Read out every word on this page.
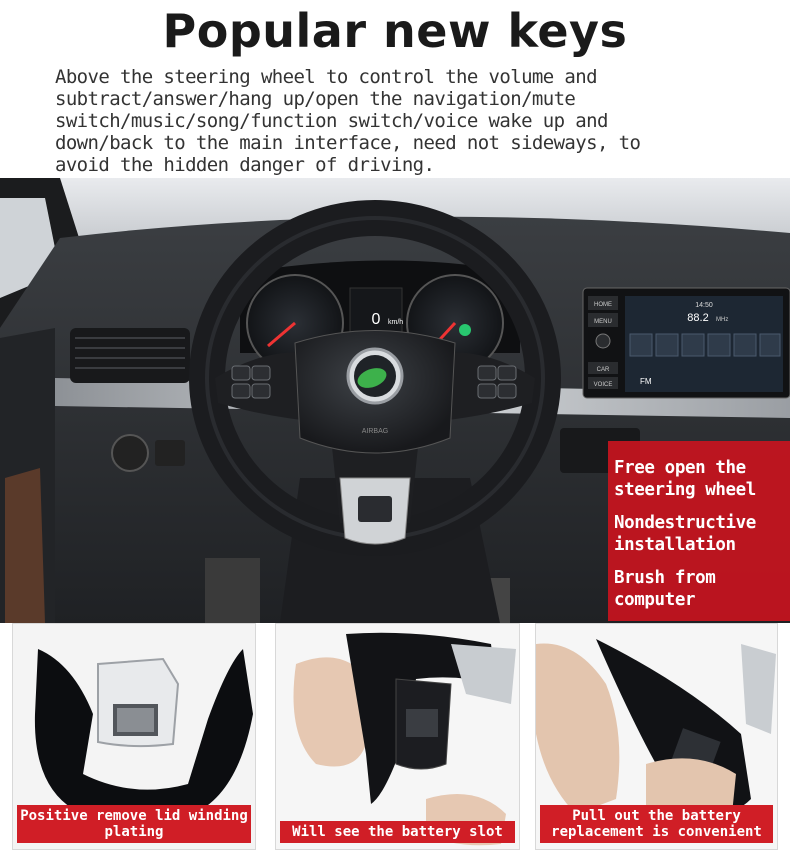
Popular new keys
Above the steering wheel to control the volume and
subtract/answer/hang up/open the navigation/mute
switch/music/song/function switch/voice wake up and
down/back to the main interface, need not sideways, to
avoid the hidden danger of driving.
0 km/h
HOME
MENU
CAR
VOICE
14:50
88.2 MHz
FM
AIRBAG
Free open the steering wheel
Nondestructive installation
Brush from computer
Positive remove lid winding plating	Will see the battery slot
Pull out the battery replacement is convenient
